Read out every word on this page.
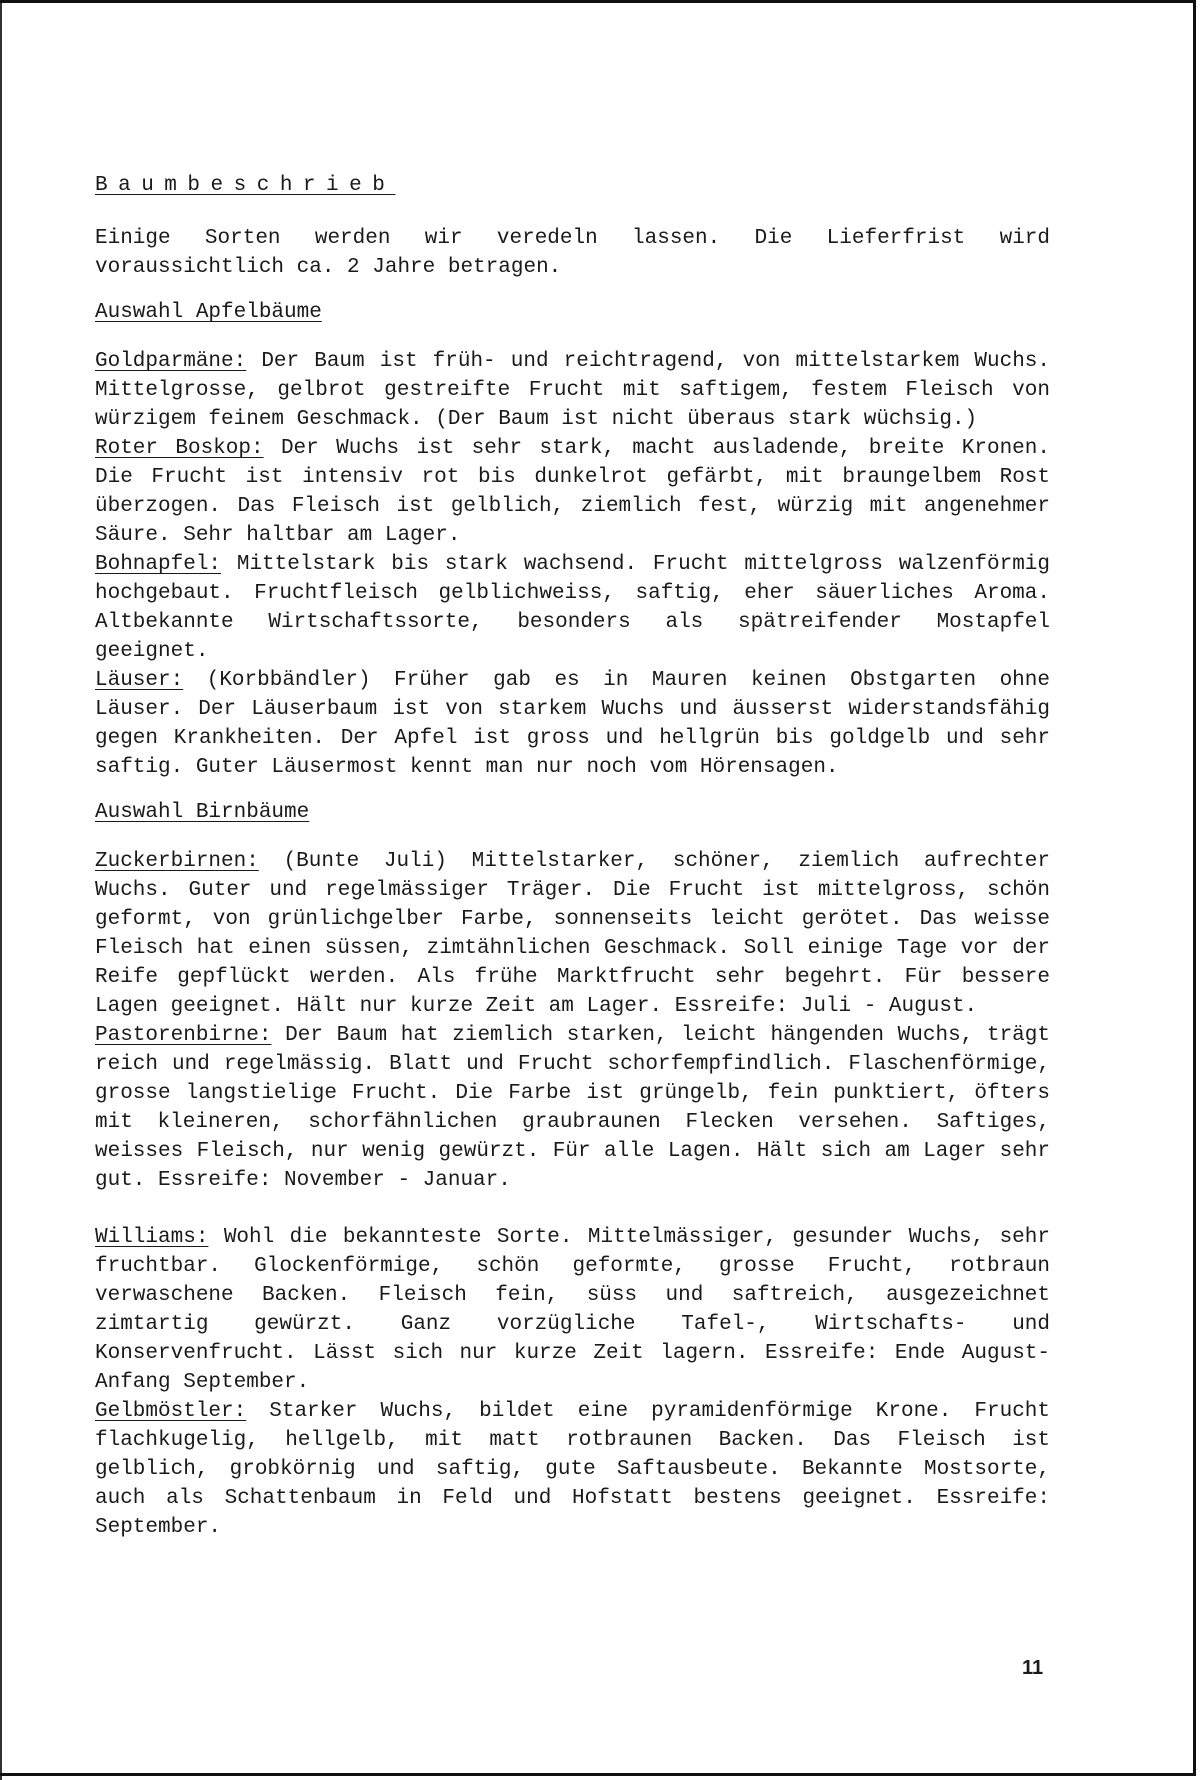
Baumbeschrieb

Einige Sorten werden wir veredeln lassen. Die Lieferfrist wird voraussichtlich ca. 2 Jahre betragen.

Auswahl Apfelbäume

Goldparmäne: Der Baum ist früh- und reichtragend, von mittelstarkem Wuchs. Mittelgrosse, gelbrot gestreifte Frucht mit saftigem, festem Fleisch von würzigem feinem Geschmack. (Der Baum ist nicht überaus stark wüchsig.)

Roter Boskop: Der Wuchs ist sehr stark, macht ausladende, breite Kronen. Die Frucht ist intensiv rot bis dunkelrot gefärbt, mit braungelbem Rost überzogen. Das Fleisch ist gelblich, ziemlich fest, würzig mit angenehmer Säure. Sehr haltbar am Lager.

Bohnapfel: Mittelstark bis stark wachsend. Frucht mittelgross walzenförmig hochgebaut. Fruchtfleisch gelblichweiss, saftig, eher säuerliches Aroma. Altbekannte Wirtschaftssorte, besonders als spätreifender Mostapfel geeignet.

Läuser: (Korbbändler) Früher gab es in Mauren keinen Obstgarten ohne Läuser. Der Läuserbaum ist von starkem Wuchs und äusserst widerstandsfähig gegen Krankheiten. Der Apfel ist gross und hellgrün bis goldgelb und sehr saftig. Guter Läusermost kennt man nur noch vom Hörensagen.

Auswahl Birnbäume

Zuckerbirnen: (Bunte Juli) Mittelstarker, schöner, ziemlich aufrechter Wuchs. Guter und regelmässiger Träger. Die Frucht ist mittelgross, schön geformt, von grünlichgelber Farbe, sonnenseits leicht gerötet. Das weisse Fleisch hat einen süssen, zimtähnlichen Geschmack. Soll einige Tage vor der Reife gepflückt werden. Als frühe Marktfrucht sehr begehrt. Für bessere Lagen geeignet. Hält nur kurze Zeit am Lager. Essreife: Juli - August.

Pastorenbirne: Der Baum hat ziemlich starken, leicht hängenden Wuchs, trägt reich und regelmässig. Blatt und Frucht schorfempfindlich. Flaschenförmige, grosse langstielige Frucht. Die Farbe ist grüngelb, fein punktiert, öfters mit kleineren, schorfähnlichen graubraunen Flecken versehen. Saftiges, weisses Fleisch, nur wenig gewürzt. Für alle Lagen. Hält sich am Lager sehr gut. Essreife: November - Januar.

Williams: Wohl die bekannteste Sorte. Mittelmässiger, gesunder Wuchs, sehr fruchtbar. Glockenförmige, schön geformte, grosse Frucht, rotbraun verwaschene Backen. Fleisch fein, süss und saftreich, ausgezeichnet zimtartig gewürzt. Ganz vorzügliche Tafel-, Wirtschafts- und Konservenfrucht. Lässt sich nur kurze Zeit lagern. Essreife: Ende August-Anfang September.

Gelbmöstler: Starker Wuchs, bildet eine pyramidenförmige Krone. Frucht flachkugelig, hellgelb, mit matt rotbraunen Backen. Das Fleisch ist gelblich, grobkörnig und saftig, gute Saftausbeute. Bekannte Mostsorte, auch als Schattenbaum in Feld und Hofstatt bestens geeignet. Essreife: September.

11
